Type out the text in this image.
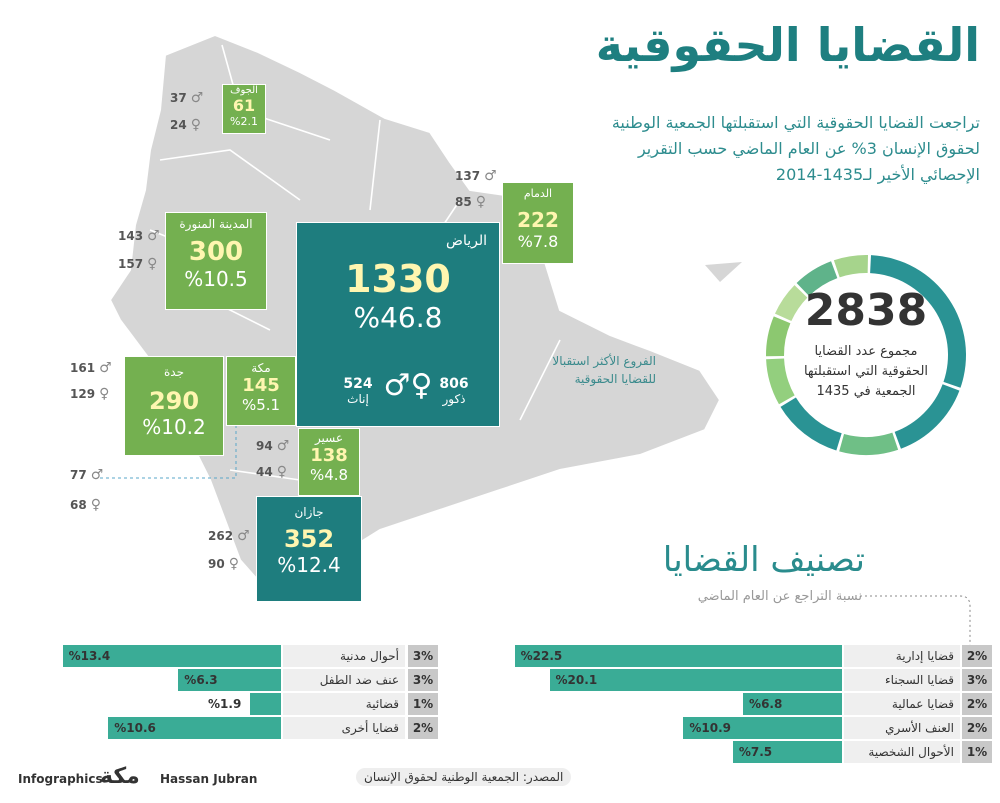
القضايا الحقوقية
تراجعت القضايا الحقوقية التي استقبلتها الجمعية الوطنية لحقوق الإنسان 3% عن العام الماضي حسب التقرير الإحصائي الأخير لـ1435-2014
الجوف
61
%2.1
37 ♂
24 ♀
المدينة المنورة
300
%10.5
143 ♂
157 ♀
الرياض
1330
%46.8
524
إناث	♀♂	806
ذكور
الدمام
222
%7.8
137 ♂
85 ♀
جدة
290
%10.2
161 ♂
129 ♀
مكة
145
%5.1
77 ♂
68 ♀
عسير
138
%4.8
94 ♂
44 ♀
جازان
352
%12.4
262 ♂
90 ♀
الفروع الأكثر استقبالا للقضايا الحقوقية
2838
مجموع عدد القضايا الحقوقية التي استقبلتها الجمعية في 1435
تصنيف القضايا
نسبة التراجع عن العام الماضي
%22.5	قضايا إدارية	2%
%20.1	قضايا السجناء	3%
%6.8	قضايا عمالية	2%
%10.9	العنف الأسري	2%
%7.5	الأحوال الشخصية	1%
%13.4	أحوال مدنية	3%
%6.3	عنف ضد الطفل	3%
%1.9	قضائية	1%
%10.6	قضايا أخرى	2%
Infographics
مكة Hassan Jubran	المصدر: الجمعية الوطنية لحقوق الإنسان
